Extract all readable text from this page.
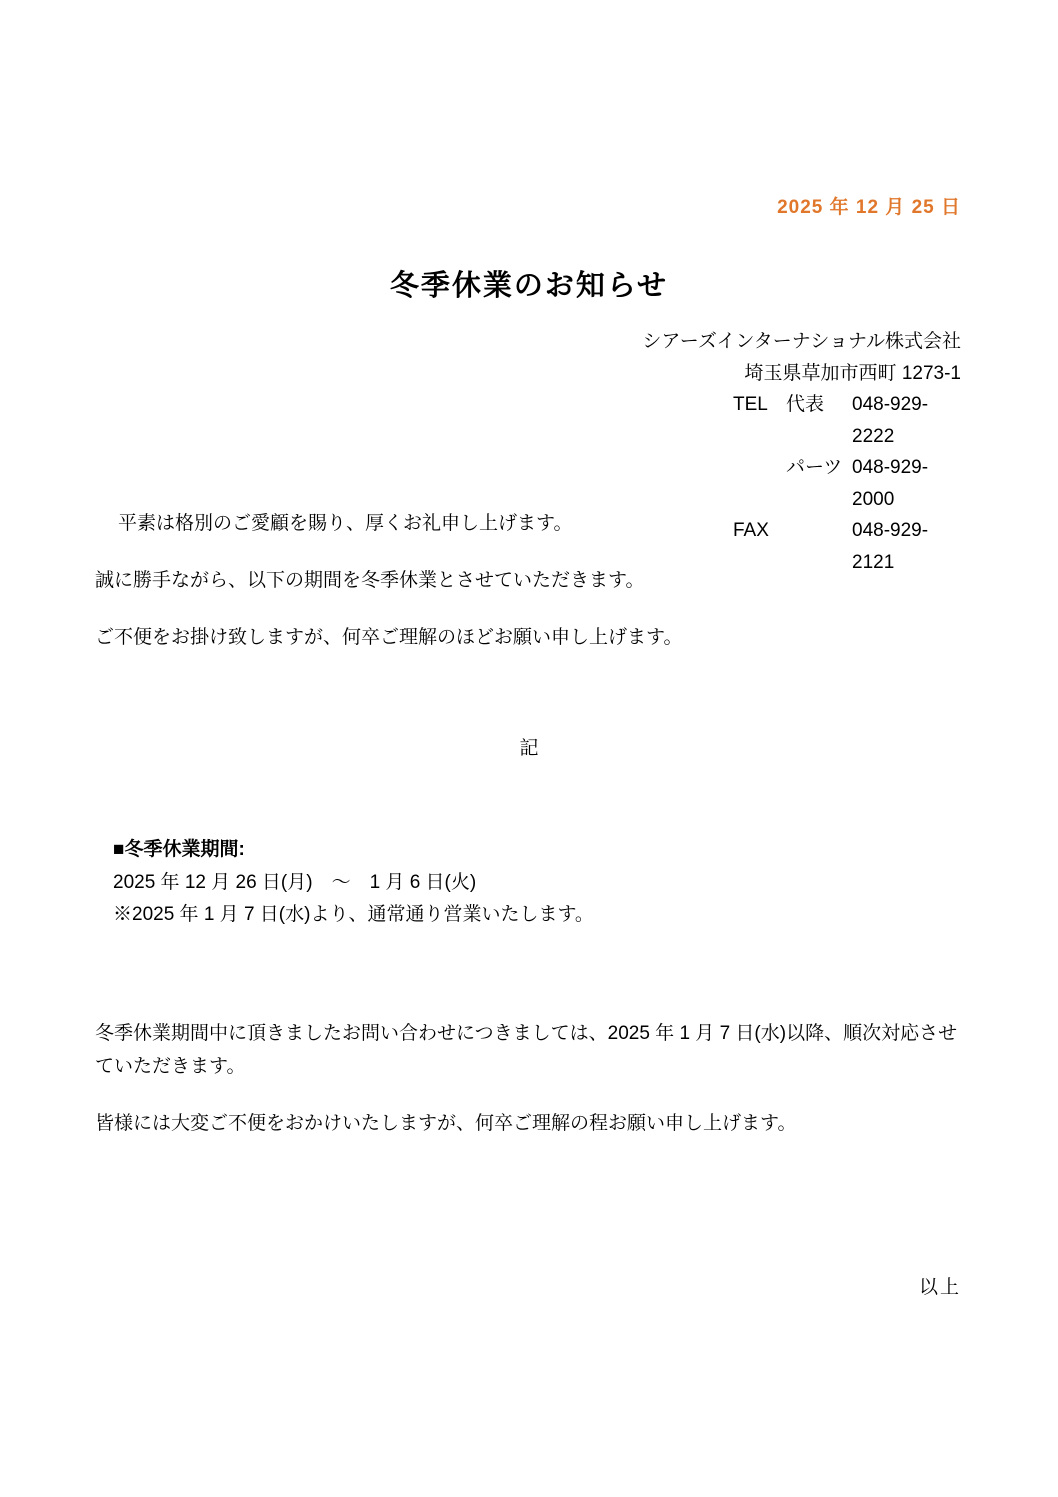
2025 年 12 月 25 日
冬季休業のお知らせ
シアーズインターナショナル株式会社
埼玉県草加市西町 1273-1
TEL 代表	048-929-2222
パーツ 048-929-2000
FAX	048-929-2121
平素は格別のご愛顧を賜り、厚くお礼申し上げます。
誠に勝手ながら、以下の期間を冬季休業とさせていただきます。
ご不便をお掛け致しますが、何卒ご理解のほどお願い申し上げます。
記
■冬季休業期間:
2025 年 12 月 26 日(月)　～　1 月 6 日(火)
※2025 年 1 月 7 日(水)より、通常通り営業いたします。
冬季休業期間中に頂きましたお問い合わせにつきましては、2025 年 1 月 7 日(水)以降、順次対応させていただきます。
皆様には大変ご不便をおかけいたしますが、何卒ご理解の程お願い申し上げます。
以上
